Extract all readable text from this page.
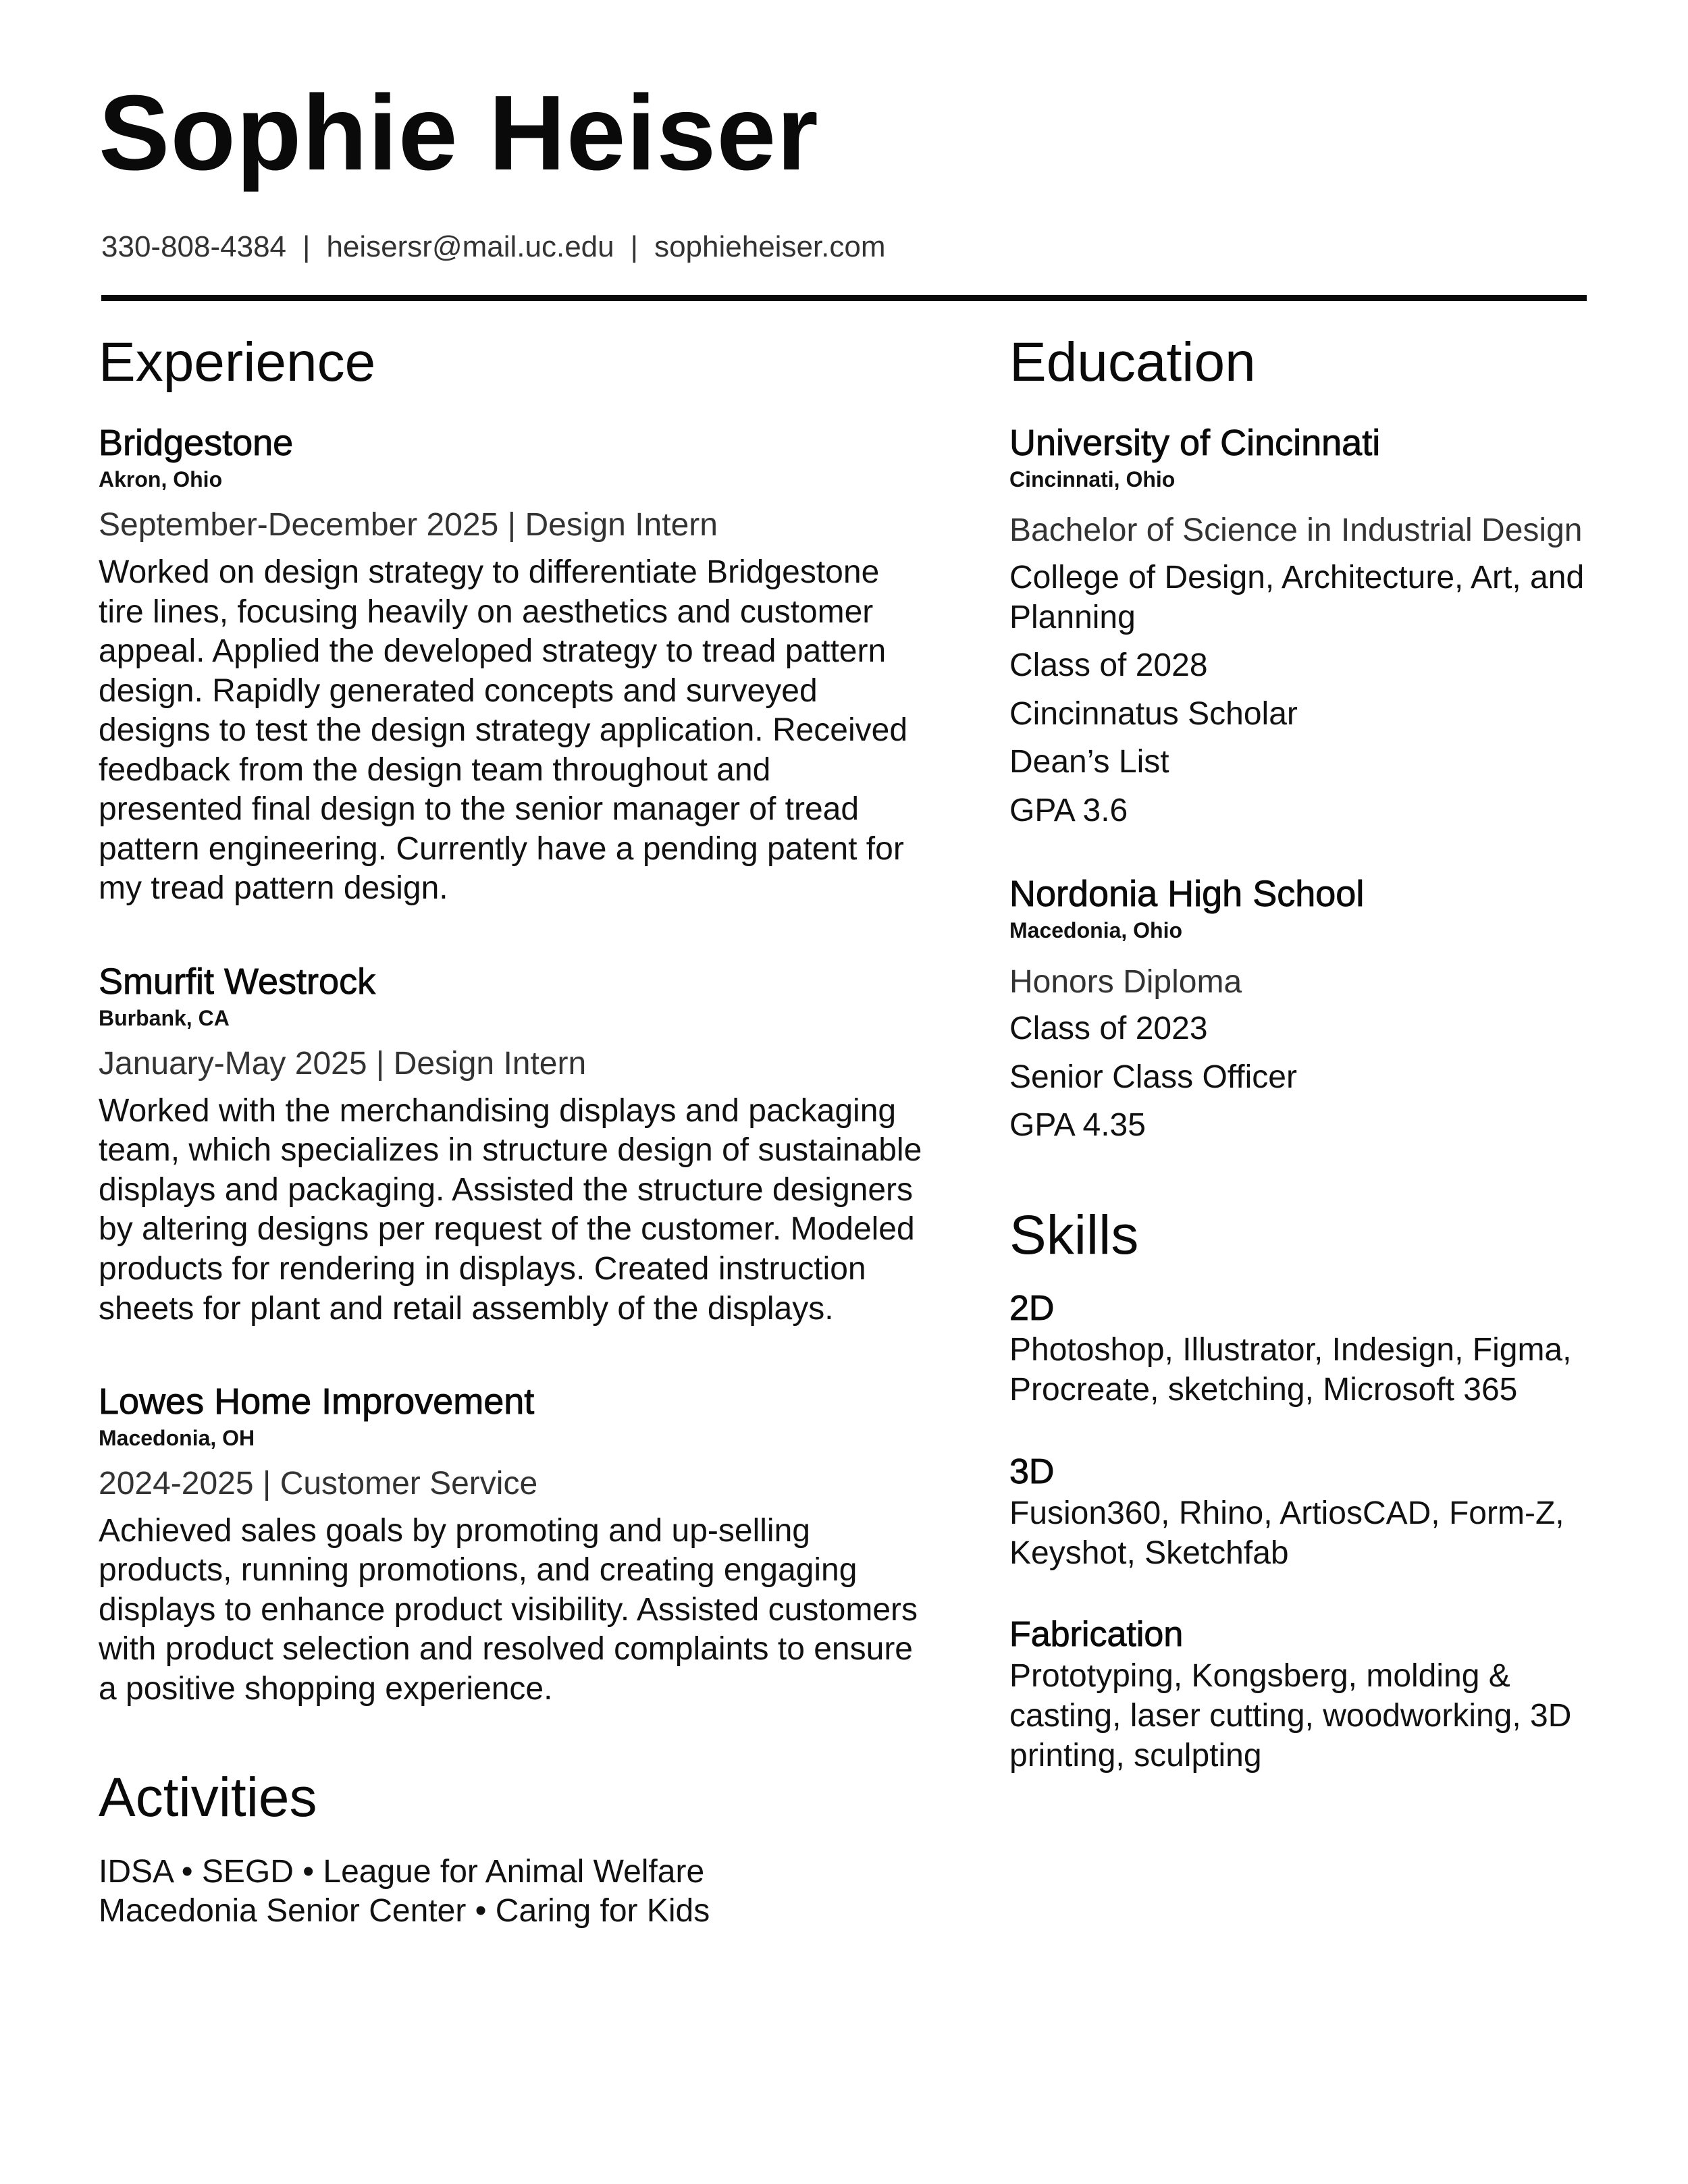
Sophie Heiser
330-808-4384 | heisersr@mail.uc.edu | sophieheiser.com
Experience
Bridgestone
Akron, Ohio
September-December 2025 | Design Intern
Worked on design strategy to differentiate Bridgestone tire lines, focusing heavily on aesthetics and customer appeal. Applied the developed strategy to tread pattern design. Rapidly generated concepts and surveyed designs to test the design strategy application. Received feedback from the design team throughout and presented final design to the senior manager of tread pattern engineering. Currently have a pending patent for my tread pattern design.
Smurfit Westrock
Burbank, CA
January-May 2025 | Design Intern
Worked with the merchandising displays and packaging team, which specializes in structure design of sustainable displays and packaging. Assisted the structure designers by altering designs per request of the customer. Modeled products for rendering in displays. Created instruction sheets for plant and retail assembly of the displays.
Lowes Home Improvement
Macedonia, OH
2024-2025 | Customer Service
Achieved sales goals by promoting and up-selling products, running promotions, and creating engaging displays to enhance product visibility. Assisted customers with product selection and resolved complaints to ensure a positive shopping experience.
Activities
IDSA • SEGD • League for Animal Welfare
Macedonia Senior Center • Caring for Kids
Education
University of Cincinnati
Cincinnati, Ohio
Bachelor of Science in Industrial Design
College of Design, Architecture, Art, and Planning
Class of 2028
Cincinnatus Scholar
Dean’s List
GPA 3.6
Nordonia High School
Macedonia, Ohio
Honors Diploma
Class of 2023
Senior Class Officer
GPA 4.35
Skills
2D
Photoshop, Illustrator, Indesign, Figma, Procreate, sketching, Microsoft 365
3D
Fusion360, Rhino, ArtiosCAD, Form-Z, Keyshot, Sketchfab
Fabrication
Prototyping, Kongsberg, molding & casting, laser cutting, woodworking, 3D printing, sculpting
